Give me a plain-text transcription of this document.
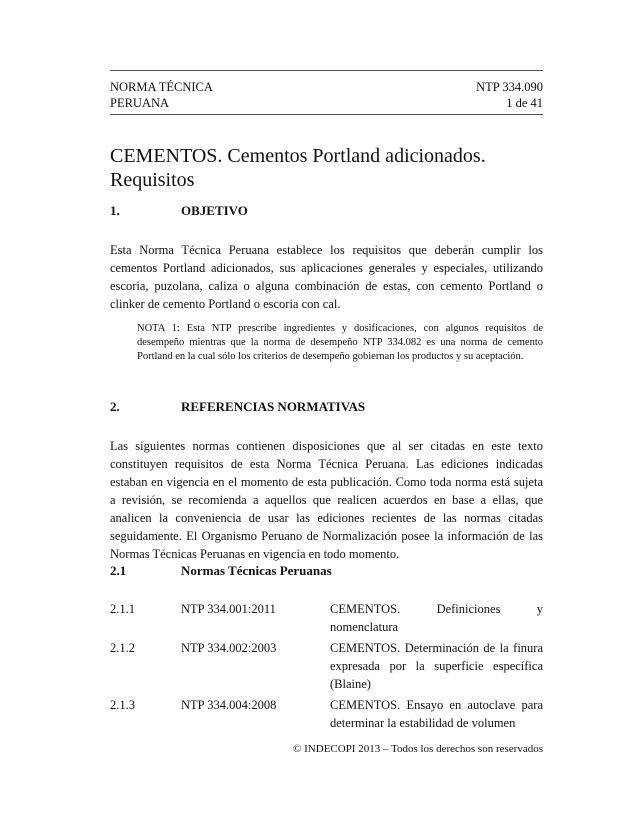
NORMA TÉCNICA
PERUANA
NTP 334.090
1 de 41
CEMENTOS. Cementos Portland adicionados. Requisitos
1.	OBJETIVO
Esta Norma Técnica Peruana establece los requisitos que deberán cumplir los cementos Portland adicionados, sus aplicaciones generales y especiales, utilizando escoria, puzolana, caliza o alguna combinación de estas, con cemento Portland o clinker de cemento Portland o escoria con cal.
NOTA 1: Esta NTP prescribe ingredientes y dosificaciones, con algunos requisitos de desempeño mientras que la norma de desempeño NTP 334.082 es una norma de cemento Portland en la cual sólo los criterios de desempeño gobiernan los productos y su aceptación.
2.	REFERENCIAS NORMATIVAS
Las siguientes normas contienen disposiciones que al ser citadas en este texto constituyen requisitos de esta Norma Técnica Peruana. Las ediciones indicadas estaban en vigencia en el momento de esta publicación. Como toda norma está sujeta a revisión, se recomienda a aquellos que realicen acuerdos en base a ellas, que analicen la conveniencia de usar las ediciones recientes de las normas citadas seguidamente. El Organismo Peruano de Normalización posee la información de las Normas Técnicas Peruanas en vigencia en todo momento.
2.1	Normas Técnicas Peruanas
2.1.1	NTP 334.001:2011	CEMENTOS. Definiciones y nomenclatura
2.1.2	NTP 334.002:2003	CEMENTOS. Determinación de la finura expresada por la superficie específica (Blaine)
2.1.3	NTP 334.004:2008	CEMENTOS. Ensayo en autoclave para determinar la estabilidad de volumen
© INDECOPI 2013 – Todos los derechos son reservados
